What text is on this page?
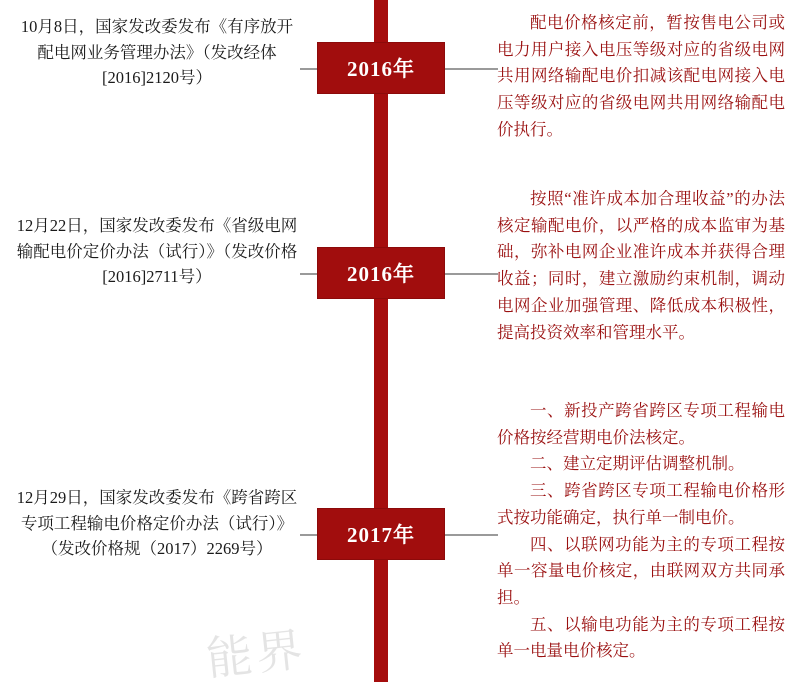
10月8日，国家发改委发布《有序放开配电网业务管理办法》（发改经体[2016]2120号）	2016年

配电价格核定前，暂按售电公司或电力用户接入电压等级对应的省级电网共用网络输配电价扣减该配电网接入电压等级对应的省级电网共用网络输配电价执行。

12月22日，国家发改委发布《省级电网输配电价定价办法（试行）》（发改价格[2016]2711号）	2016年

按照“准许成本加合理收益”的办法核定输配电价，以严格的成本监审为基础，弥补电网企业准许成本并获得合理收益；同时，建立激励约束机制，调动电网企业加强管理、降低成本积极性，提高投资效率和管理水平。

12月29日，国家发改委发布《跨省跨区专项工程输电价格定价办法（试行）》（发改价格规（2017）2269号）
2017年

一、新投产跨省跨区专项工程输电价格按经营期电价法核定。

二、建立定期评估调整机制。

三、跨省跨区专项工程输电价格形式按功能确定，执行单一制电价。

四、以联网功能为主的专项工程按单一容量电价核定，由联网双方共同承担。

五、以输电功能为主的专项工程按单一电量电价核定。

能界
